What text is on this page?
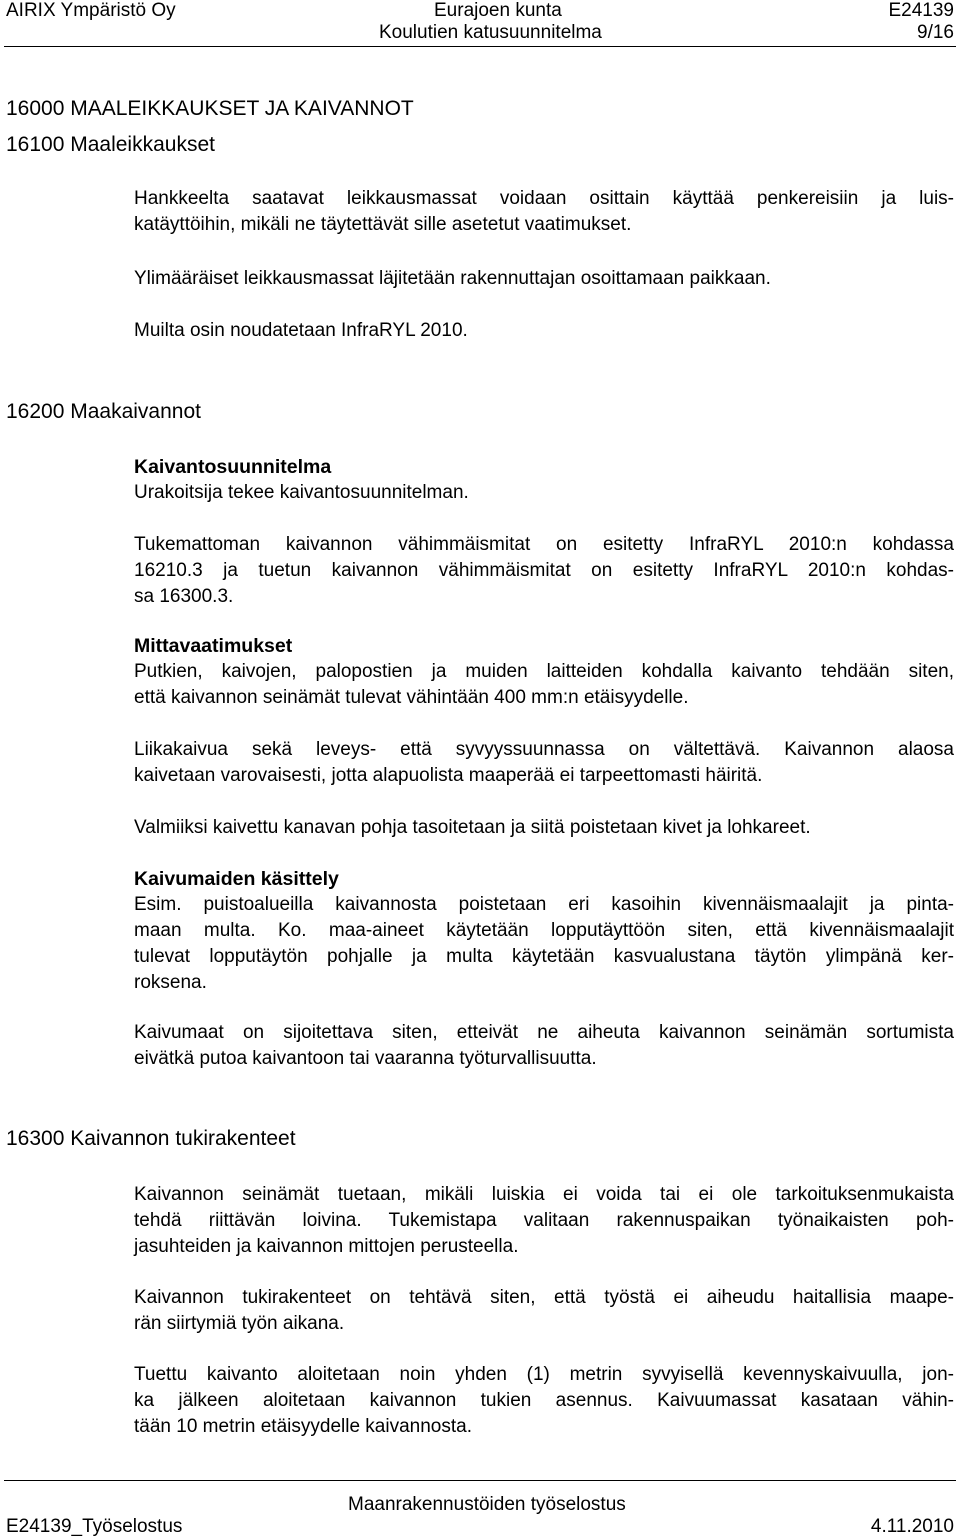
AIRIX Ympäristö Oy	Eurajoen kunta	E24139
Koulutien katusuunnitelma	9/16
16000 MAALEIKKAUKSET JA KAIVANNOT
16100 Maaleikkaukset
Hankkeelta saatavat leikkausmassat voidaan osittain käyttää penkereisiin ja luis-
katäyttöihin, mikäli ne täytettävät sille asetetut vaatimukset.
Ylimääräiset leikkausmassat läjitetään rakennuttajan osoittamaan paikkaan.
Muilta osin noudatetaan InfraRYL 2010.
16200 Maakaivannot
Kaivantosuunnitelma
Urakoitsija tekee kaivantosuunnitelman.
Tukemattoman kaivannon vähimmäismitat on esitetty InfraRYL 2010:n kohdassa
16210.3 ja tuetun kaivannon vähimmäismitat on esitetty InfraRYL 2010:n kohdas-
sa 16300.3.
Mittavaatimukset
Putkien, kaivojen, palopostien ja muiden laitteiden kohdalla kaivanto tehdään siten,
että kaivannon seinämät tulevat vähintään 400 mm:n etäisyydelle.
Liikakaivua sekä leveys- että syvyyssuunnassa on vältettävä. Kaivannon alaosa
kaivetaan varovaisesti, jotta alapuolista maaperää ei tarpeettomasti häiritä.
Valmiiksi kaivettu kanavan pohja tasoitetaan ja siitä poistetaan kivet ja lohkareet.
Kaivumaiden käsittely
Esim. puistoalueilla kaivannosta poistetaan eri kasoihin kivennäismaalajit ja pinta-
maan multa. Ko. maa-aineet käytetään lopputäyttöön siten, että kivennäismaalajit
tulevat lopputäytön pohjalle ja multa käytetään kasvualustana täytön ylimpänä ker-
roksena.
Kaivumaat on sijoitettava siten, etteivät ne aiheuta kaivannon seinämän sortumista
eivätkä putoa kaivantoon tai vaaranna työturvallisuutta.
16300 Kaivannon tukirakenteet
Kaivannon seinämät tuetaan, mikäli luiskia ei voida tai ei ole tarkoituksenmukaista
tehdä riittävän loivina. Tukemistapa valitaan rakennuspaikan työnaikaisten poh-
jasuhteiden ja kaivannon mittojen perusteella.
Kaivannon tukirakenteet on tehtävä siten, että työstä ei aiheudu haitallisia maape-
rän siirtymiä työn aikana.
Tuettu kaivanto aloitetaan noin yhden (1) metrin syvyisellä kevennyskaivuulla, jon-
ka jälkeen aloitetaan kaivannon tukien asennus. Kaivuumassat kasataan vähin-
tään 10 metrin etäisyydelle kaivannosta.
Maanrakennustöiden työselostus
E24139_Työselostus	4.11.2010
